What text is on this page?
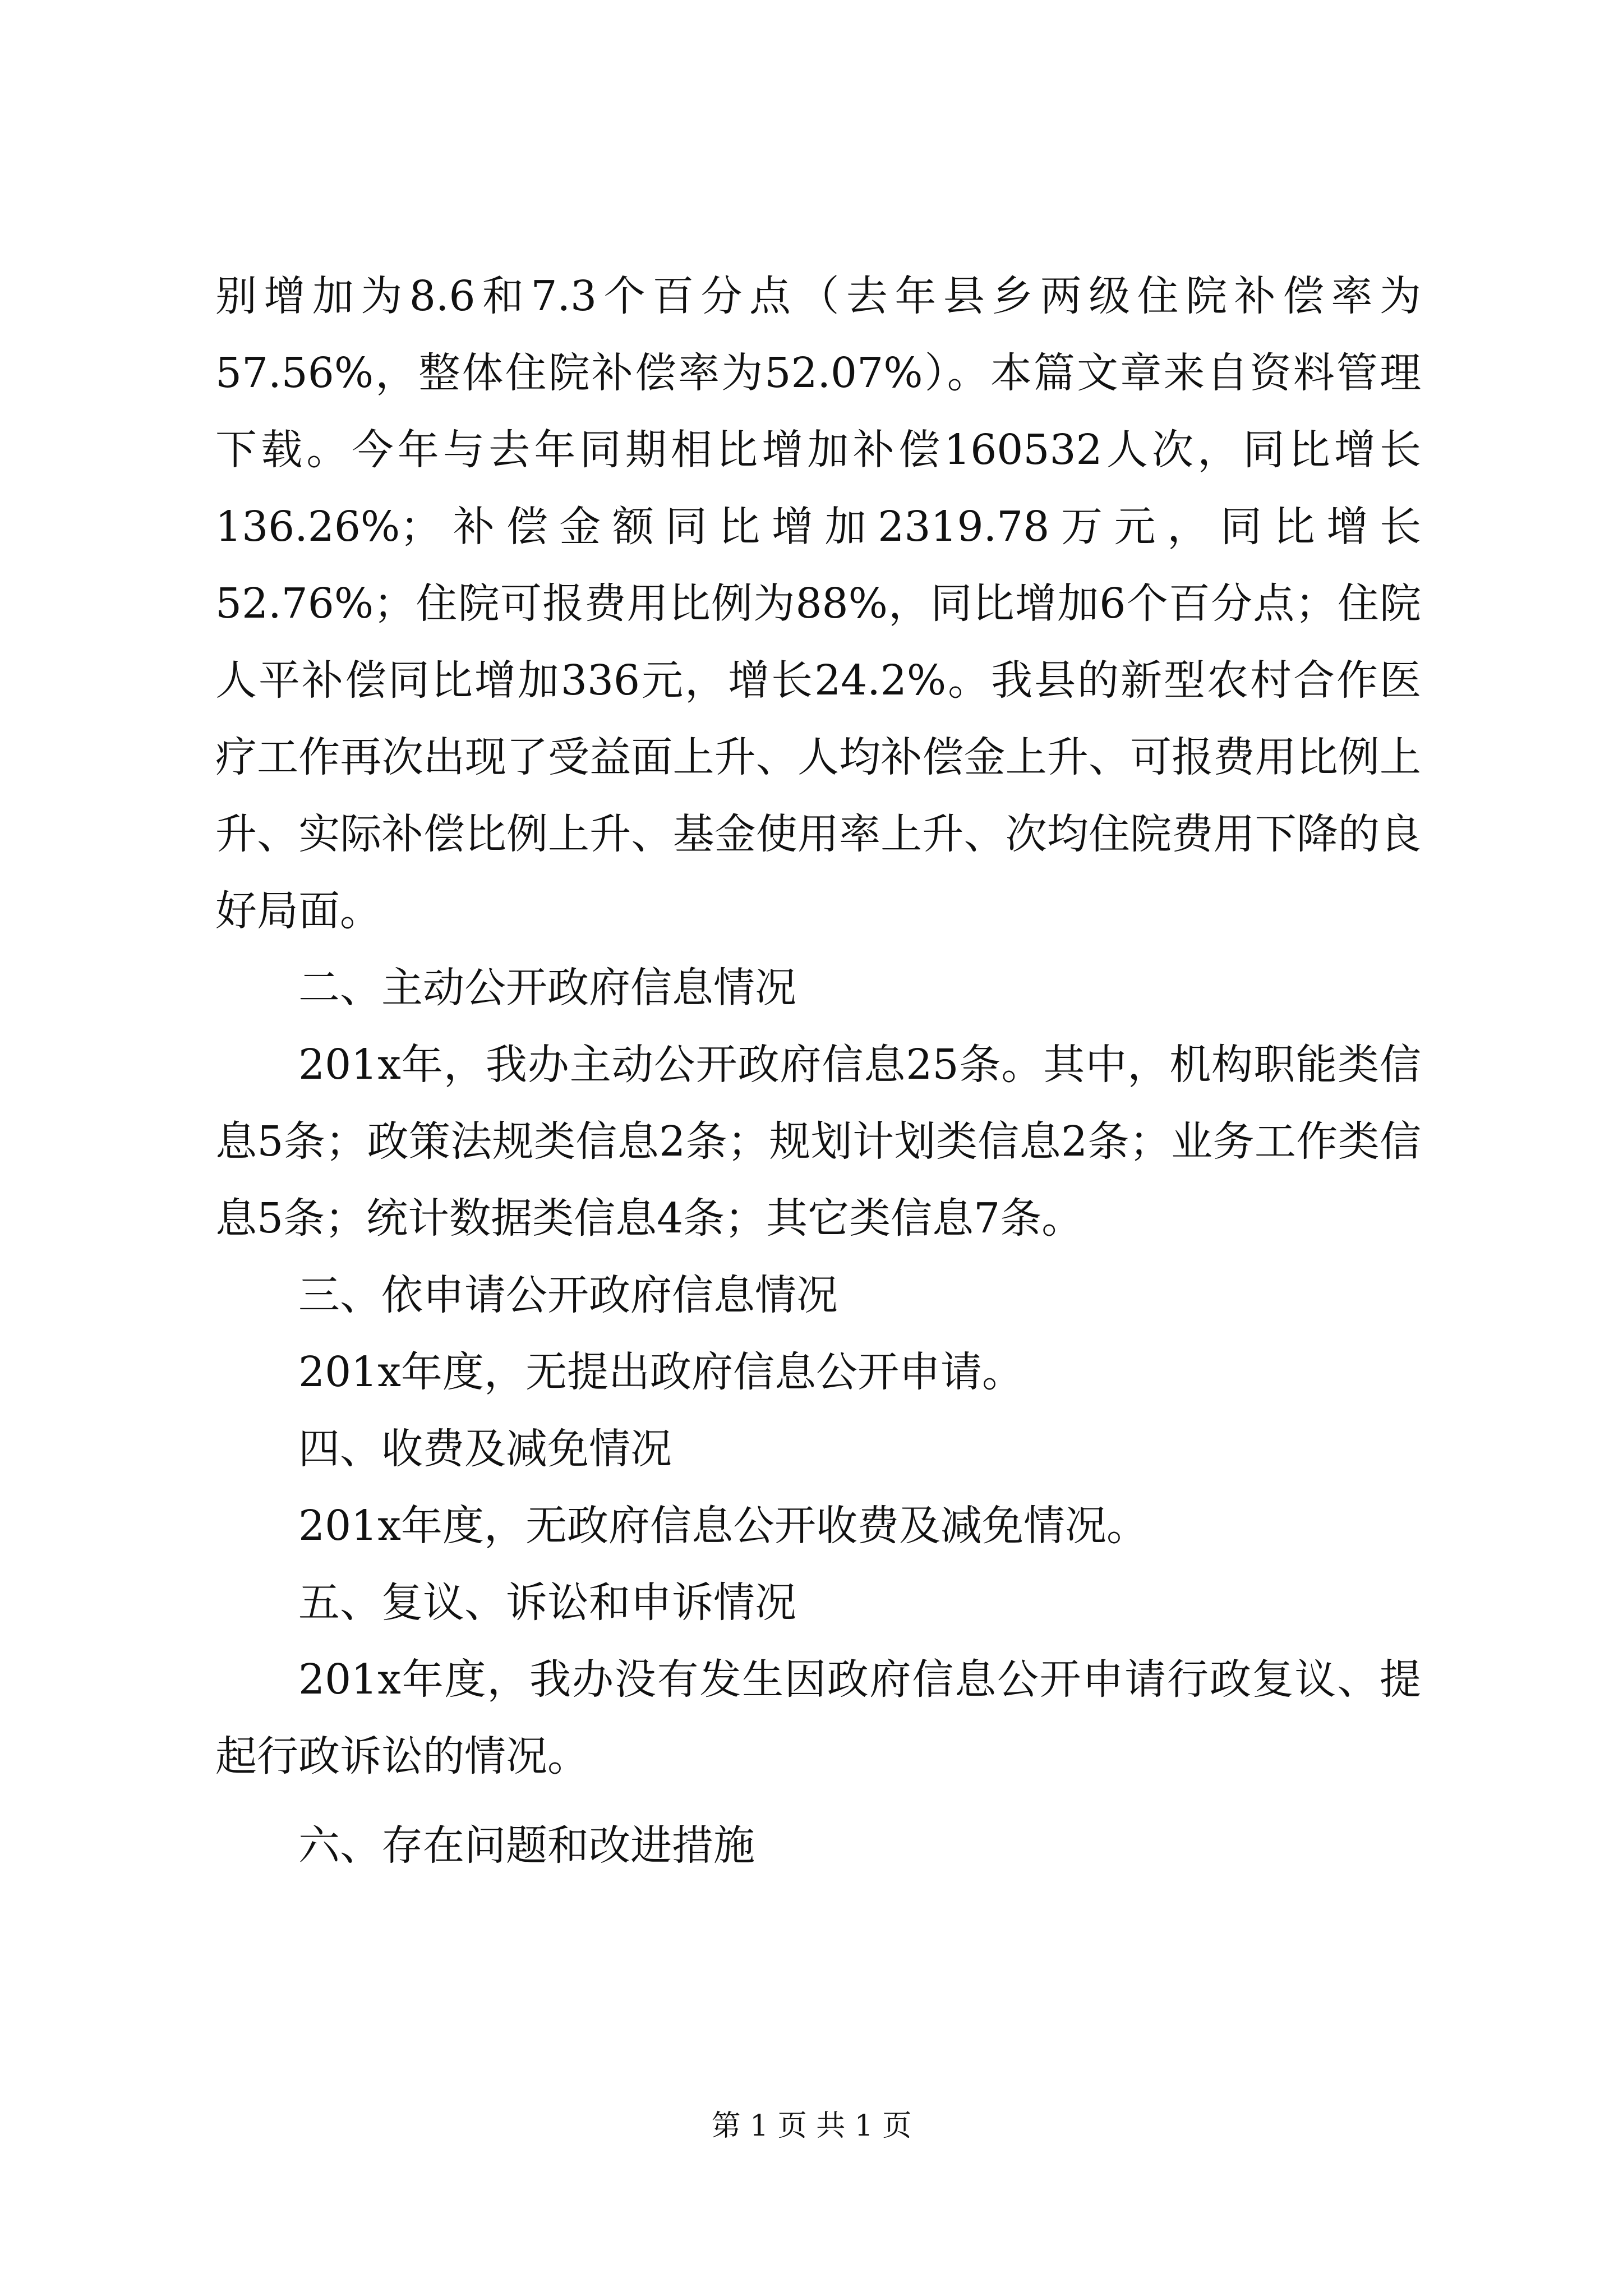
别增加为8.6和7.3个百分点（去年县乡两级住院补偿率为57.56%，整体住院补偿率为52.07%）。本篇文章来自资料管理下载。今年与去年同期相比增加补偿160532人次，同比增长136.26%；补偿金额同比增加2319.78万元，同比增长52.76%；住院可报费用比例为88%，同比增加6个百分点；住院人平补偿同比增加336元，增长24.2%。我县的新型农村合作医疗工作再次出现了受益面上升、人均补偿金上升、可报费用比例上升、实际补偿比例上升、基金使用率上升、次均住院费用下降的良好局面。

二、主动公开政府信息情况

201x年，我办主动公开政府信息25条。其中，机构职能类信息5条；政策法规类信息2条；规划计划类信息2条；业务工作类信息5条；统计数据类信息4条；其它类信息7条。

三、依申请公开政府信息情况

201x年度，无提出政府信息公开申请。

四、收费及减免情况

201x年度，无政府信息公开收费及减免情况。

五、复议、诉讼和申诉情况

201x年度，我办没有发生因政府信息公开申请行政复议、提起行政诉讼的情况。

六、存在问题和改进措施

第 1 页 共 1 页
